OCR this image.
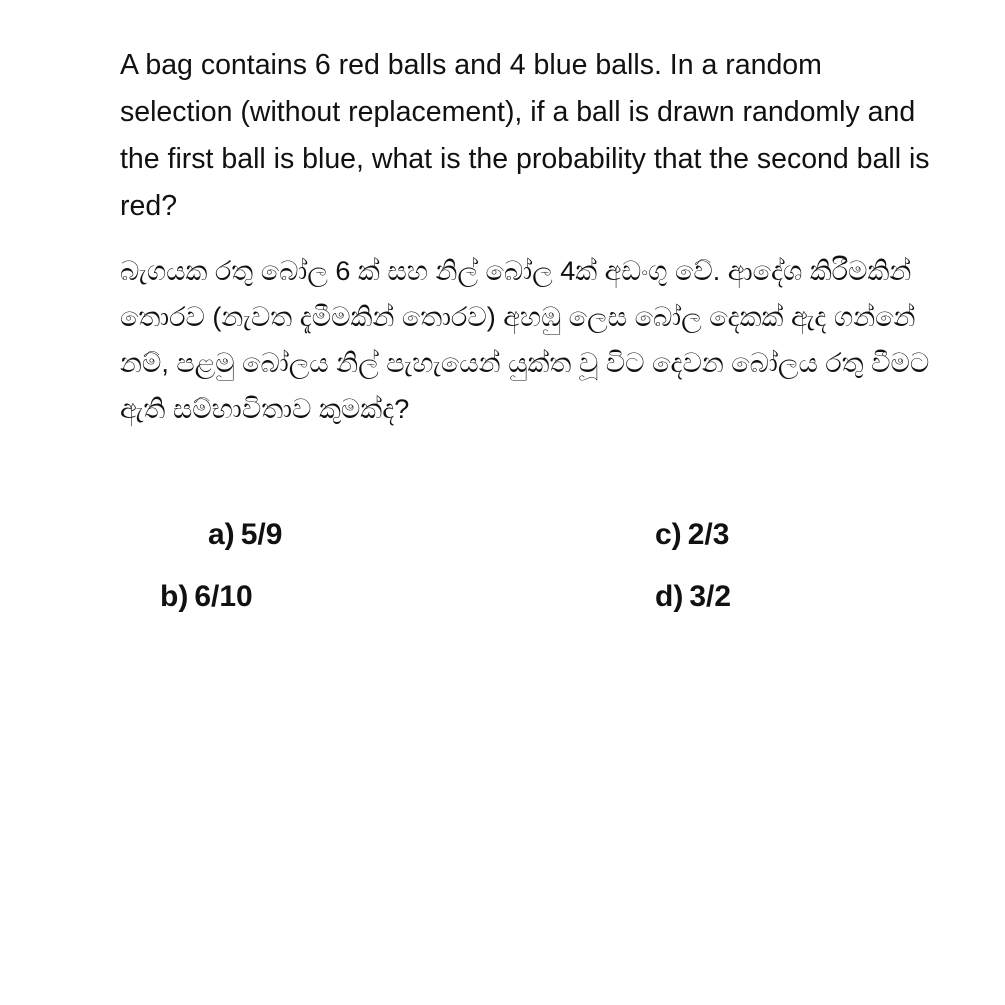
A bag contains 6 red balls and 4 blue balls. In a random selection (without replacement), if a ball is drawn randomly and the first ball is blue, what is the probability that the second ball is red?

බැගයක රතු බෝල 6 ක් සහ නිල් බෝල 4ක් අඩංගු වේ. ආදේශ කිරීමකින් තොරව (නැවත දැමීමකින් තොරව) අහඹු ලෙස බෝල දෙකක් ඇද ගන්නේ නම්, පළමු බෝලය නිල් පැහැයෙන් යුක්ත වූ විට දෙවන බෝලය රතු වීමට ඇති සම්භාවිතාව කුමක්ද?

a) 5/9
b) 6/10
c) 2/3
d) 3/2
